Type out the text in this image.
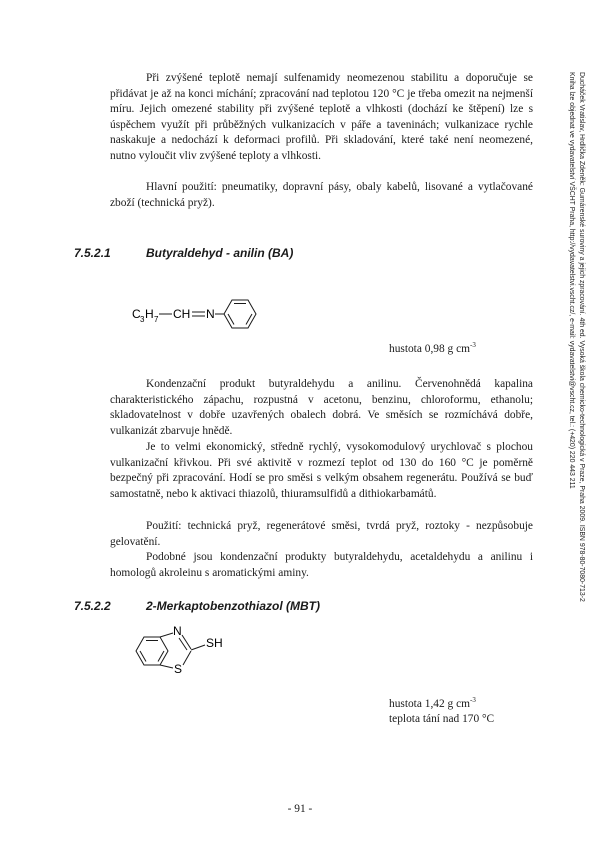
Při zvýšené teplotě nemají sulfenamidy neomezenou stabilitu a doporučuje se přidávat je až na konci míchání; zpracování nad teplotou 120 °C je třeba omezit na nejmenší míru. Jejich omezené stability při zvýšené teplotě a vlhkosti (dochází ke štěpení) lze s úspěchem využít při průběžných vulkanizacích v páře a taveninách; vulkanizace rychle naskakuje a nedochází k deformaci profilů. Při skladování, které také není neomezené, nutno vyloučit vliv zvýšené teploty a vlhkosti.

Hlavní použití: pneumatiky, dopravní pásy, obaly kabelů, lisované a vytlačované zboží (technická pryž).

7.5.2.1	Butyraldehyd - anilin (BA)
C 3 H 7 CH N
hustota 0,98 g $cm^{-3}$

Kondenzační produkt butyraldehydu a anilinu. Červenohnědá kapalina charakteristického zápachu, rozpustná v acetonu, benzinu, chloroformu, ethanolu; skladovatelnost v dobře uzavřených obalech dobrá. Ve směsích se rozmíchává dobře, vulkanizát zbarvuje hnědě.

Je to velmi ekonomický, středně rychlý, vysokomodulový urychlovač s plochou vulkanizační křivkou. Při své aktivitě v rozmezí teplot od 130 do 160 °C je poměrně bezpečný při zpracování. Hodí se pro směsi s velkým obsahem regenerátu. Používá se buď samostatně, nebo k aktivaci thiazolů, thiuramsulfidů a dithiokarbamátů.

Použití: technická pryž, regenerátové směsi, tvrdá pryž, roztoky - nezpůsobuje gelovatění.

Podobné jsou kondenzační produkty butyraldehydu, acetaldehydu a anilinu i homologů akroleinu s aromatickými aminy.

7.5.2.2	2-Merkaptobenzothiazol (MBT)
N
S
SH
hustota 1,42 g $cm^{-3}$
teplota tání nad 170 °C
- 91 -
Ducháček Vratislav, Hrdlička Zdeněk: Gumárenské suroviny a jejich zpracování. 4th ed. Vysoká škola chemicko-technologická v Praze, Praha 2009. ISBN 978-80-7080-713-2
Kniha lze objednat ve vydavatelství VŠCHT Praha, http://vydavatelstvi.vscht.cz/, e-mail: vydavatelstvi@vscht.cz, tel.: (+420) 220 443 211
